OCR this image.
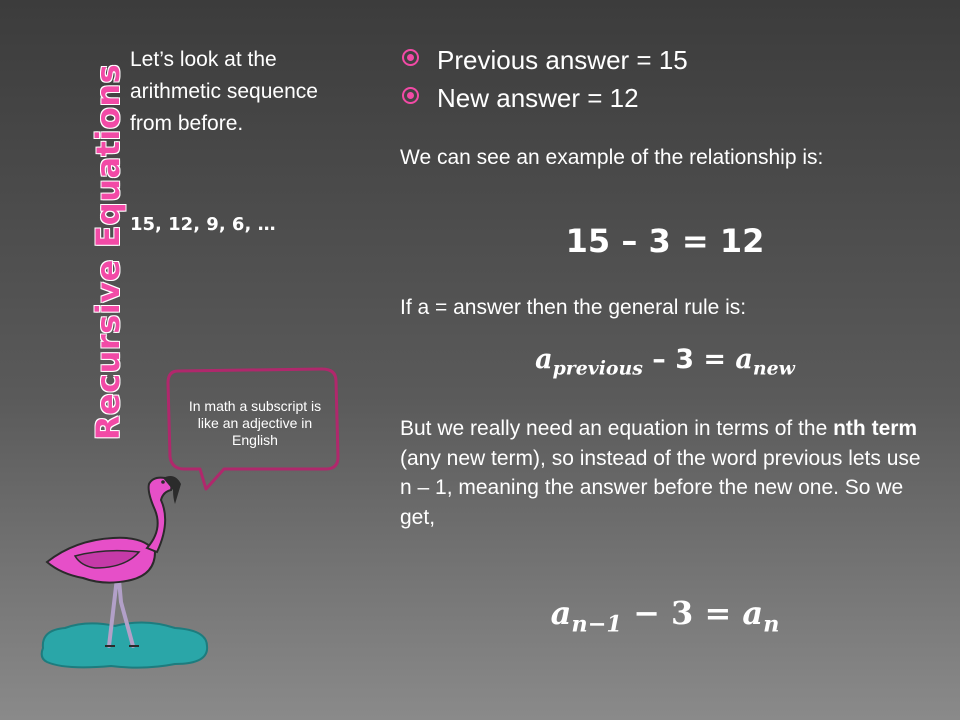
Recursive Equations
Let’s look at the arithmetic sequence from before.
15, 12, 9, 6, …
Previous answer = 15
New answer = 12
We can see an example of the relationship is:
15 – 3 = 12
If a = answer then the general rule is:
$a_{previous} - 3 = a_{new}$
But we really need an equation in terms of the nth term (any new term), so instead of the word previous lets use n – 1, meaning the answer before the new one. So we get,
$a_{n-1} - 3 = a_n$
In math a subscript is like an adjective in English
